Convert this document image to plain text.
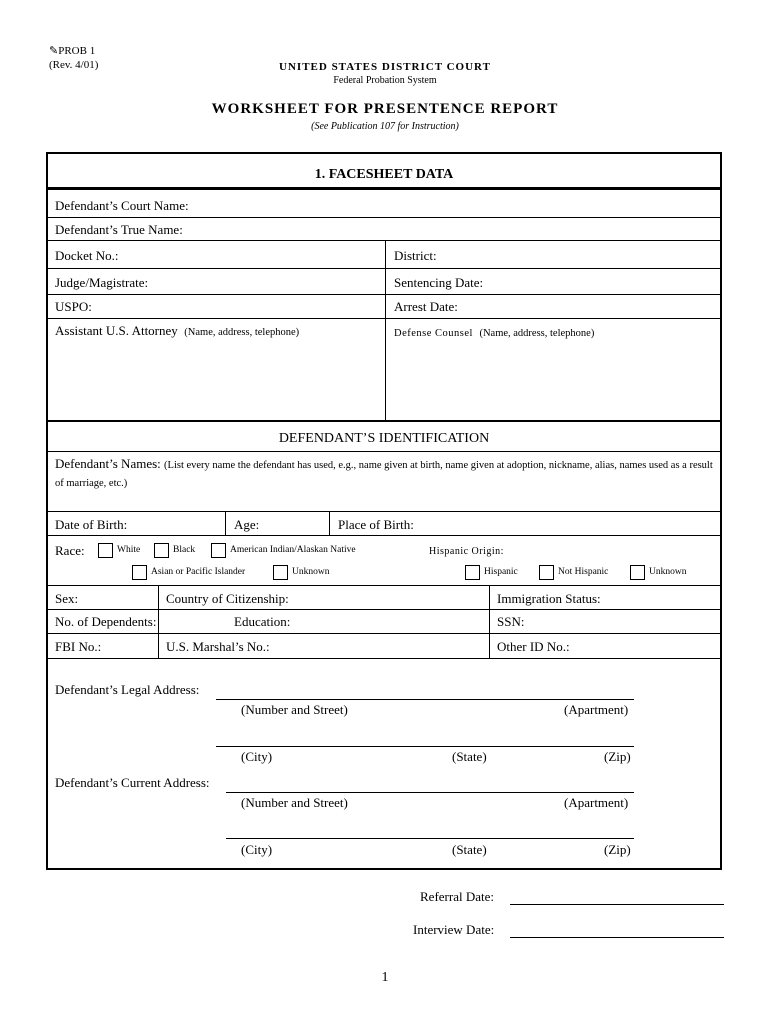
✎PROB 1
(Rev. 4/01)	UNITED STATES DISTRICT COURT
Federal Probation System
WORKSHEET FOR PRESENTENCE REPORT
(See Publication 107 for Instruction)
1. FACESHEET DATA
Defendant’s Court Name:
Defendant’s True Name:
Docket No.:	District:
Judge/Magistrate:	Sentencing Date:
USPO:	Arrest Date:
Assistant U.S. Attorney (Name, address, telephone)	Defense Counsel (Name, address, telephone)
DEFENDANT’S IDENTIFICATION
Defendant’s Names: (List every name the defendant has used, e.g., name given at birth, name given at adoption, nickname, alias, names used as a result of marriage, etc.)
Date of Birth:	Age:	Place of Birth:
Race:	White	Black	American Indian/Alaskan Native	Hispanic Origin:
Asian or Pacific Islander	Unknown	Hispanic	Not Hispanic	Unknown
Sex:	Country of Citizenship:	Immigration Status:
No. of Dependents:	Education:	SSN:
FBI No.:	U.S. Marshal’s No.:	Other ID No.:
Defendant’s Legal Address:
(Number and Street)	(Apartment)
(City)	(State)	(Zip)
Defendant’s Current Address:
(Number and Street)	(Apartment)
(City)	(State)	(Zip)
Referral Date:
Interview Date:
1
